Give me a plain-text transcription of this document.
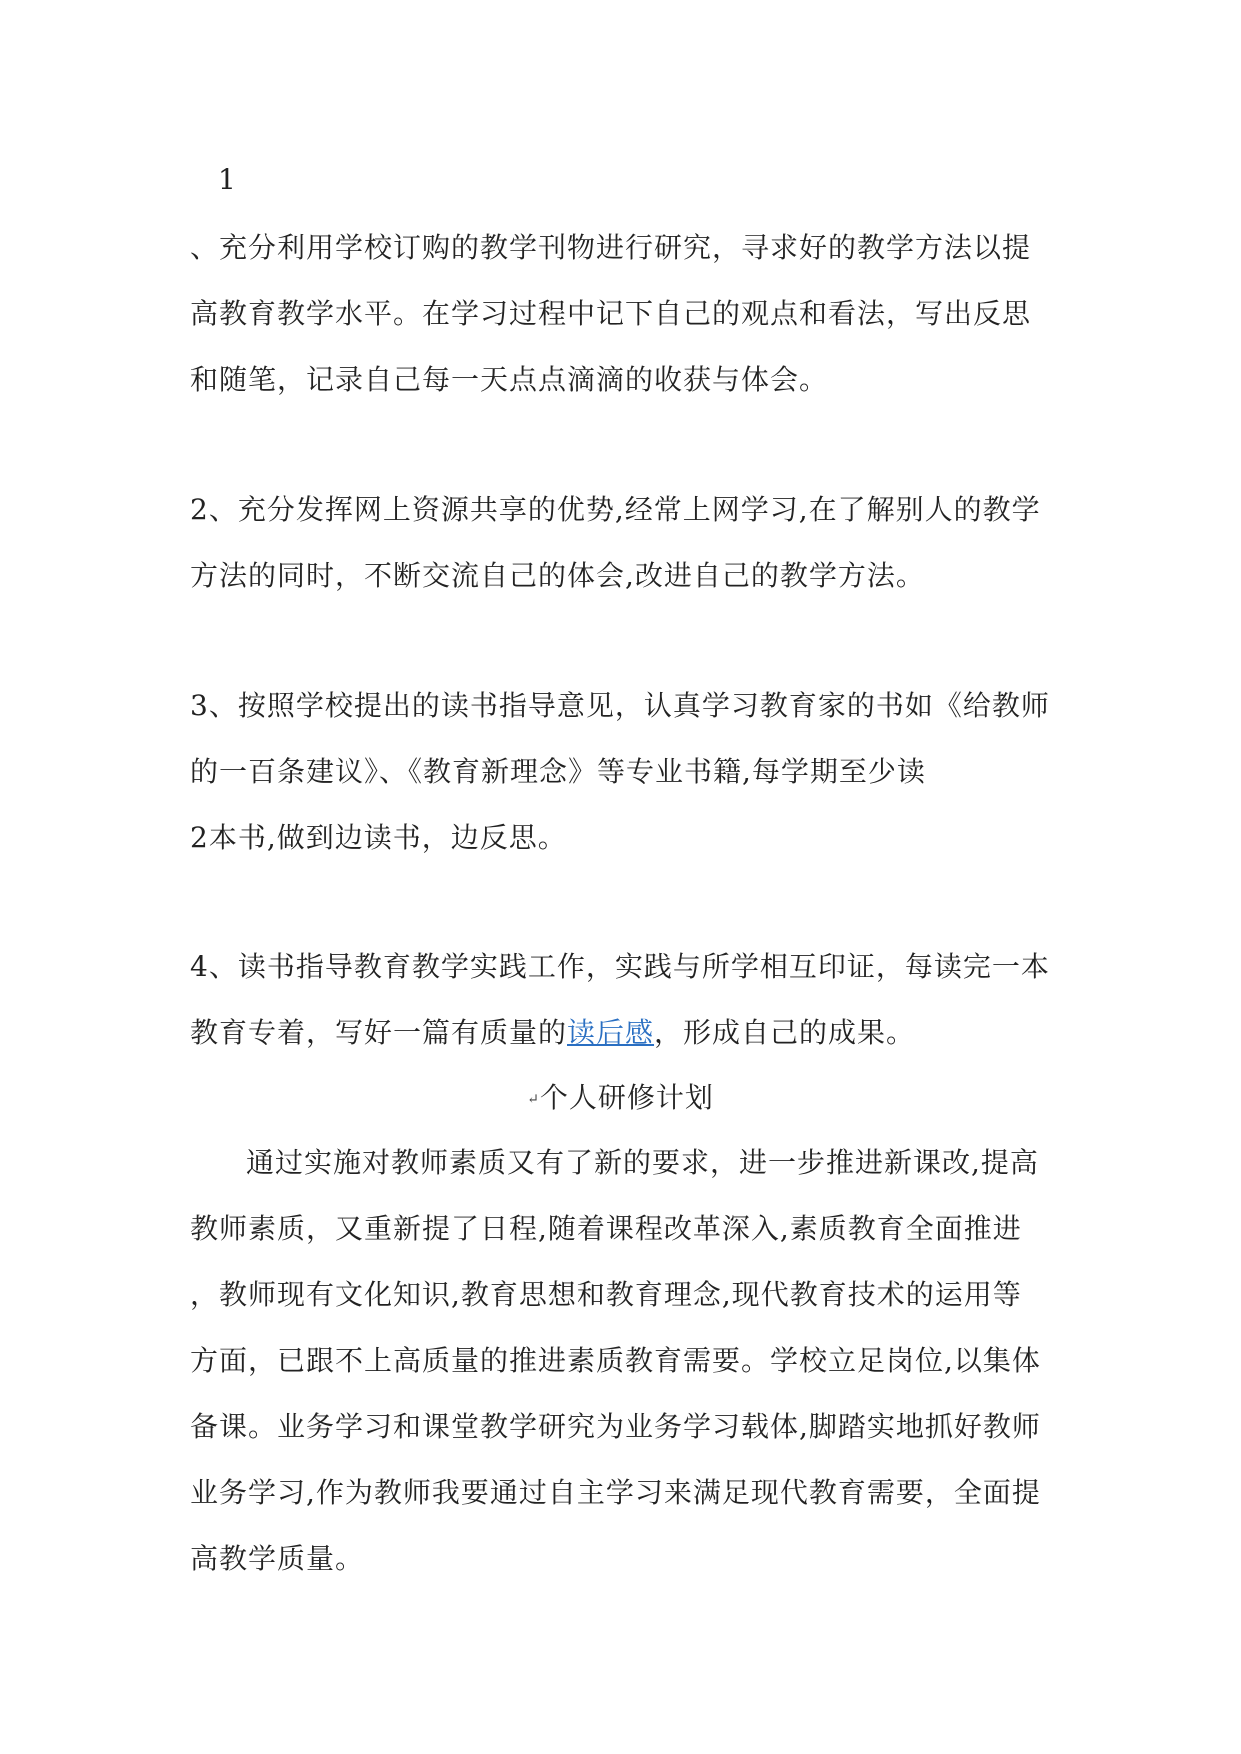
1
、充分利用学校订购的教学刊物进行研究，寻求好的教学方法以提
高教育教学水平。在学习过程中记下自己的观点和看法，写出反思
和随笔，记录自己每一天点点滴滴的收获与体会。
2、充分发挥网上资源共享的优势,经常上网学习,在了解别人的教学
方法的同时，不断交流自己的体会,改进自己的教学方法。
3、按照学校提出的读书指导意见，认真学习教育家的书如《给教师
的一百条建议》、《教育新理念》等专业书籍,每学期至少读
2本书,做到边读书，边反思。
4、读书指导教育教学实践工作，实践与所学相互印证，每读完一本
教育专着，写好一篇有质量的读后感，形成自己的成果。
↵个人研修计划
通过实施对教师素质又有了新的要求，进一步推进新课改,提高
教师素质，又重新提了日程,随着课程改革深入,素质教育全面推进
，教师现有文化知识,教育思想和教育理念,现代教育技术的运用等
方面，已跟不上高质量的推进素质教育需要。学校立足岗位,以集体
备课。业务学习和课堂教学研究为业务学习载体,脚踏实地抓好教师
业务学习,作为教师我要通过自主学习来满足现代教育需要，全面提
高教学质量。
